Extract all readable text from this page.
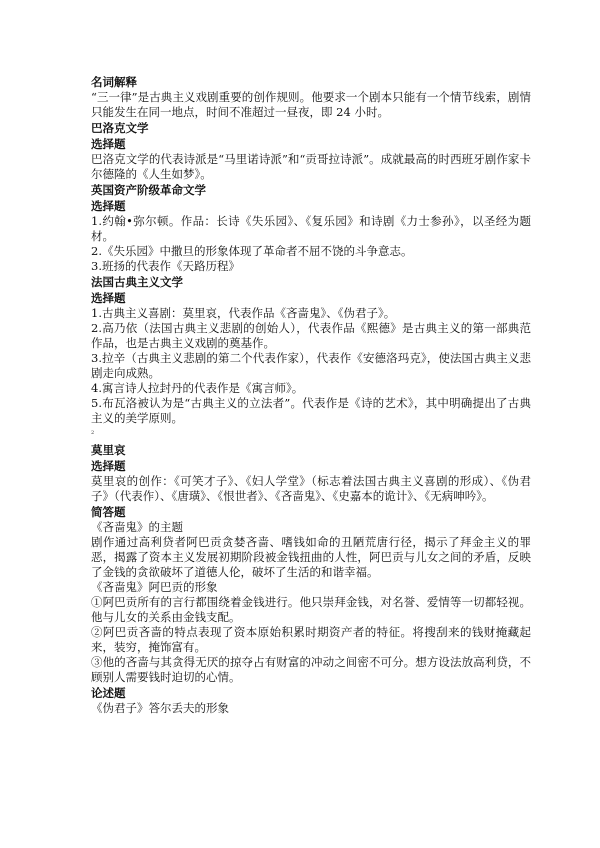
名词解释

“三一律”是古典主义戏剧重要的创作规则。他要求一个剧本只能有一个情节线索，剧情只能发生在同一地点，时间不准超过一昼夜，即 24 小时。

巴洛克文学
选择题

巴洛克文学的代表诗派是“马里诺诗派”和“贡哥拉诗派”。成就最高的时西班牙剧作家卡尔德隆的《人生如梦》。

英国资产阶级革命文学
选择题

1.约翰•弥尔顿。作品：长诗《失乐园》、《复乐园》和诗剧《力士参孙》，以圣经为题材。

2.《失乐园》中撒旦的形象体现了革命者不屈不饶的斗争意志。

3.班扬的代表作《天路历程》

法国古典主义文学
选择题

1.古典主义喜剧：莫里哀，代表作品《吝啬鬼》、《伪君子》。

2.高乃依（法国古典主义悲剧的创始人），代表作品《熙德》是古典主义的第一部典范作品，也是古典主义戏剧的奠基作。

3.拉辛（古典主义悲剧的第二个代表作家），代表作《安德洛玛克》，使法国古典主义悲剧走向成熟。

4.寓言诗人拉封丹的代表作是《寓言师》。

5.布瓦洛被认为是“古典主义的立法者”。代表作是《诗的艺术》，其中明确提出了古典主义的美学原则。

2
莫里哀
选择题

莫里哀的创作：《可笑才子》、《妇人学堂》（标志着法国古典主义喜剧的形成）、《伪君子》（代表作）、《唐璜》、《恨世者》、《吝啬鬼》、《史嘉本的诡计》、《无病呻吟》。

简答题

《吝啬鬼》的主题

剧作通过高利贷者阿巴贡贪婪吝啬、嗜钱如命的丑陋荒唐行径，揭示了拜金主义的罪恶，揭露了资本主义发展初期阶段被金钱扭曲的人性，阿巴贡与儿女之间的矛盾，反映了金钱的贪欲破坏了道德人伦，破坏了生活的和谐幸福。

《吝啬鬼》阿巴贡的形象

①阿巴贡所有的言行都围绕着金钱进行。他只崇拜金钱，对名誉、爱情等一切都轻视。他与儿女的关系由金钱支配。

②阿巴贡吝啬的特点表现了资本原始积累时期资产者的特征。将搜刮来的钱财掩藏起来，装穷，掩饰富有。

③他的吝啬与其贪得无厌的掠夺占有财富的冲动之间密不可分。想方设法放高利贷，不顾别人需要钱时迫切的心情。

论述题

《伪君子》答尔丢夫的形象
